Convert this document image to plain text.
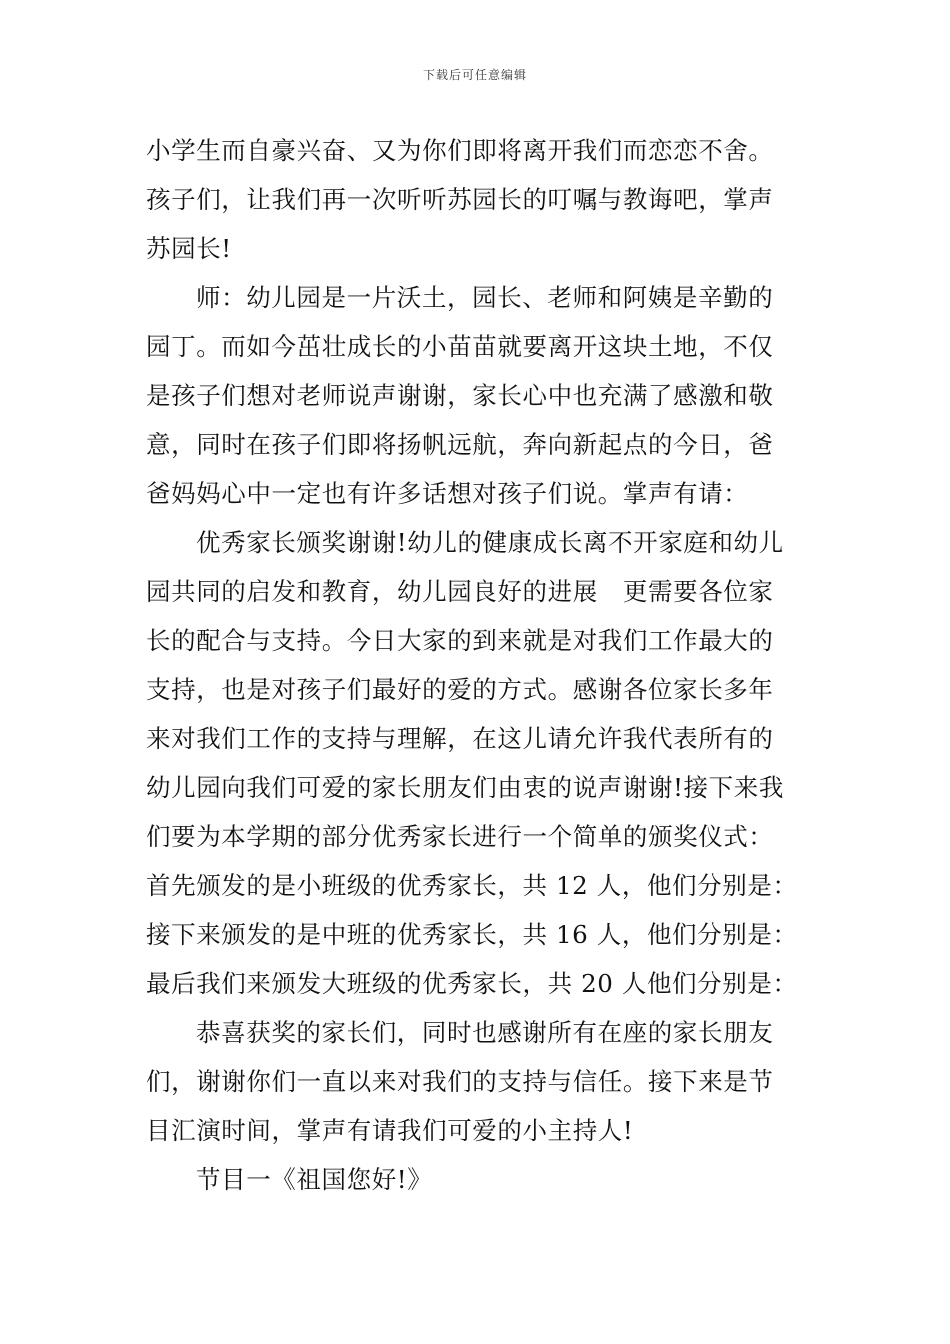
下载后可任意编辑
小学生而自豪兴奋、又为你们即将离开我们而恋恋不舍。
孩子们，让我们再一次听听苏园长的叮嘱与教诲吧，掌声
苏园长!
师：幼儿园是一片沃土，园长、老师和阿姨是辛勤的
园丁。而如今茁壮成长的小苗苗就要离开这块土地，不仅
是孩子们想对老师说声谢谢，家长心中也充满了感激和敬
意，同时在孩子们即将扬帆远航，奔向新起点的今日，爸
爸妈妈心中一定也有许多话想对孩子们说。掌声有请：
优秀家长颁奖谢谢!幼儿的健康成长离不开家庭和幼儿
园共同的启发和教育，幼儿园良好的进展　更需要各位家
长的配合与支持。今日大家的到来就是对我们工作最大的
支持，也是对孩子们最好的爱的方式。感谢各位家长多年
来对我们工作的支持与理解，在这儿请允许我代表所有的
幼儿园向我们可爱的家长朋友们由衷的说声谢谢!接下来我
们要为本学期的部分优秀家长进行一个简单的颁奖仪式：
首先颁发的是小班级的优秀家长，共 12 人，他们分别是：
接下来颁发的是中班的优秀家长，共 16 人，他们分别是：
最后我们来颁发大班级的优秀家长，共 20 人他们分别是：
恭喜获奖的家长们，同时也感谢所有在座的家长朋友
们，谢谢你们一直以来对我们的支持与信任。接下来是节
目汇演时间，掌声有请我们可爱的小主持人!
节目一《祖国您好!》
